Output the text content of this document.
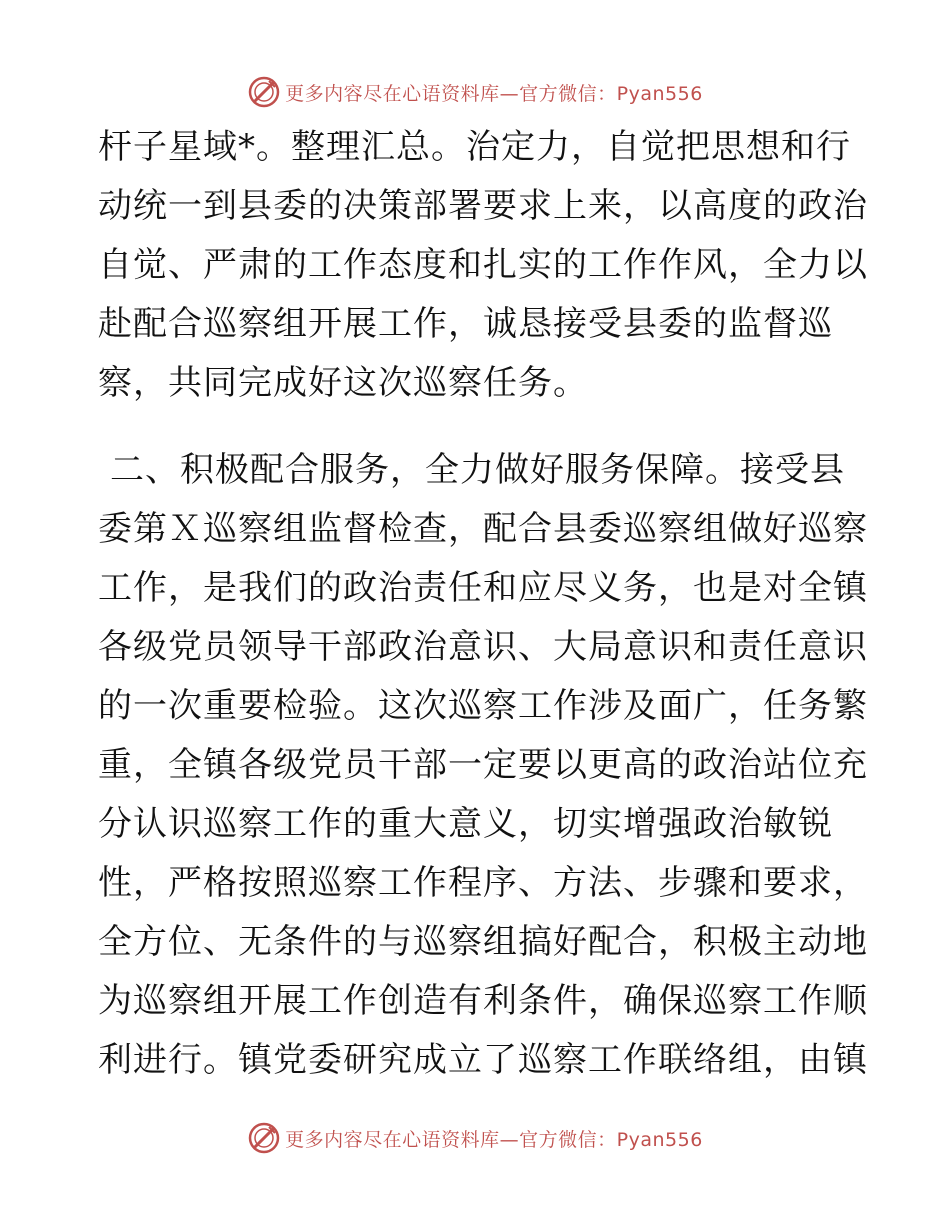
更多内容尽在心语资料库—官方微信：Pyan556
杆子星域*。整理汇总。治定力，自觉把思想和行
动统一到县委的决策部署要求上来，以高度的政治
自觉、严肃的工作态度和扎实的工作作风，全力以
赴配合巡察组开展工作，诚恳接受县委的监督巡
察，共同完成好这次巡察任务。
二、积极配合服务，全力做好服务保障。接受县
委第Ｘ巡察组监督检查，配合县委巡察组做好巡察
工作，是我们的政治责任和应尽义务，也是对全镇
各级党员领导干部政治意识、大局意识和责任意识
的一次重要检验。这次巡察工作涉及面广，任务繁
重，全镇各级党员干部一定要以更高的政治站位充
分认识巡察工作的重大意义，切实增强政治敏锐
性，严格按照巡察工作程序、方法、步骤和要求，
全方位、无条件的与巡察组搞好配合，积极主动地
为巡察组开展工作创造有利条件，确保巡察工作顺
利进行。镇党委研究成立了巡察工作联络组，由镇
更多内容尽在心语资料库—官方微信：Pyan556
